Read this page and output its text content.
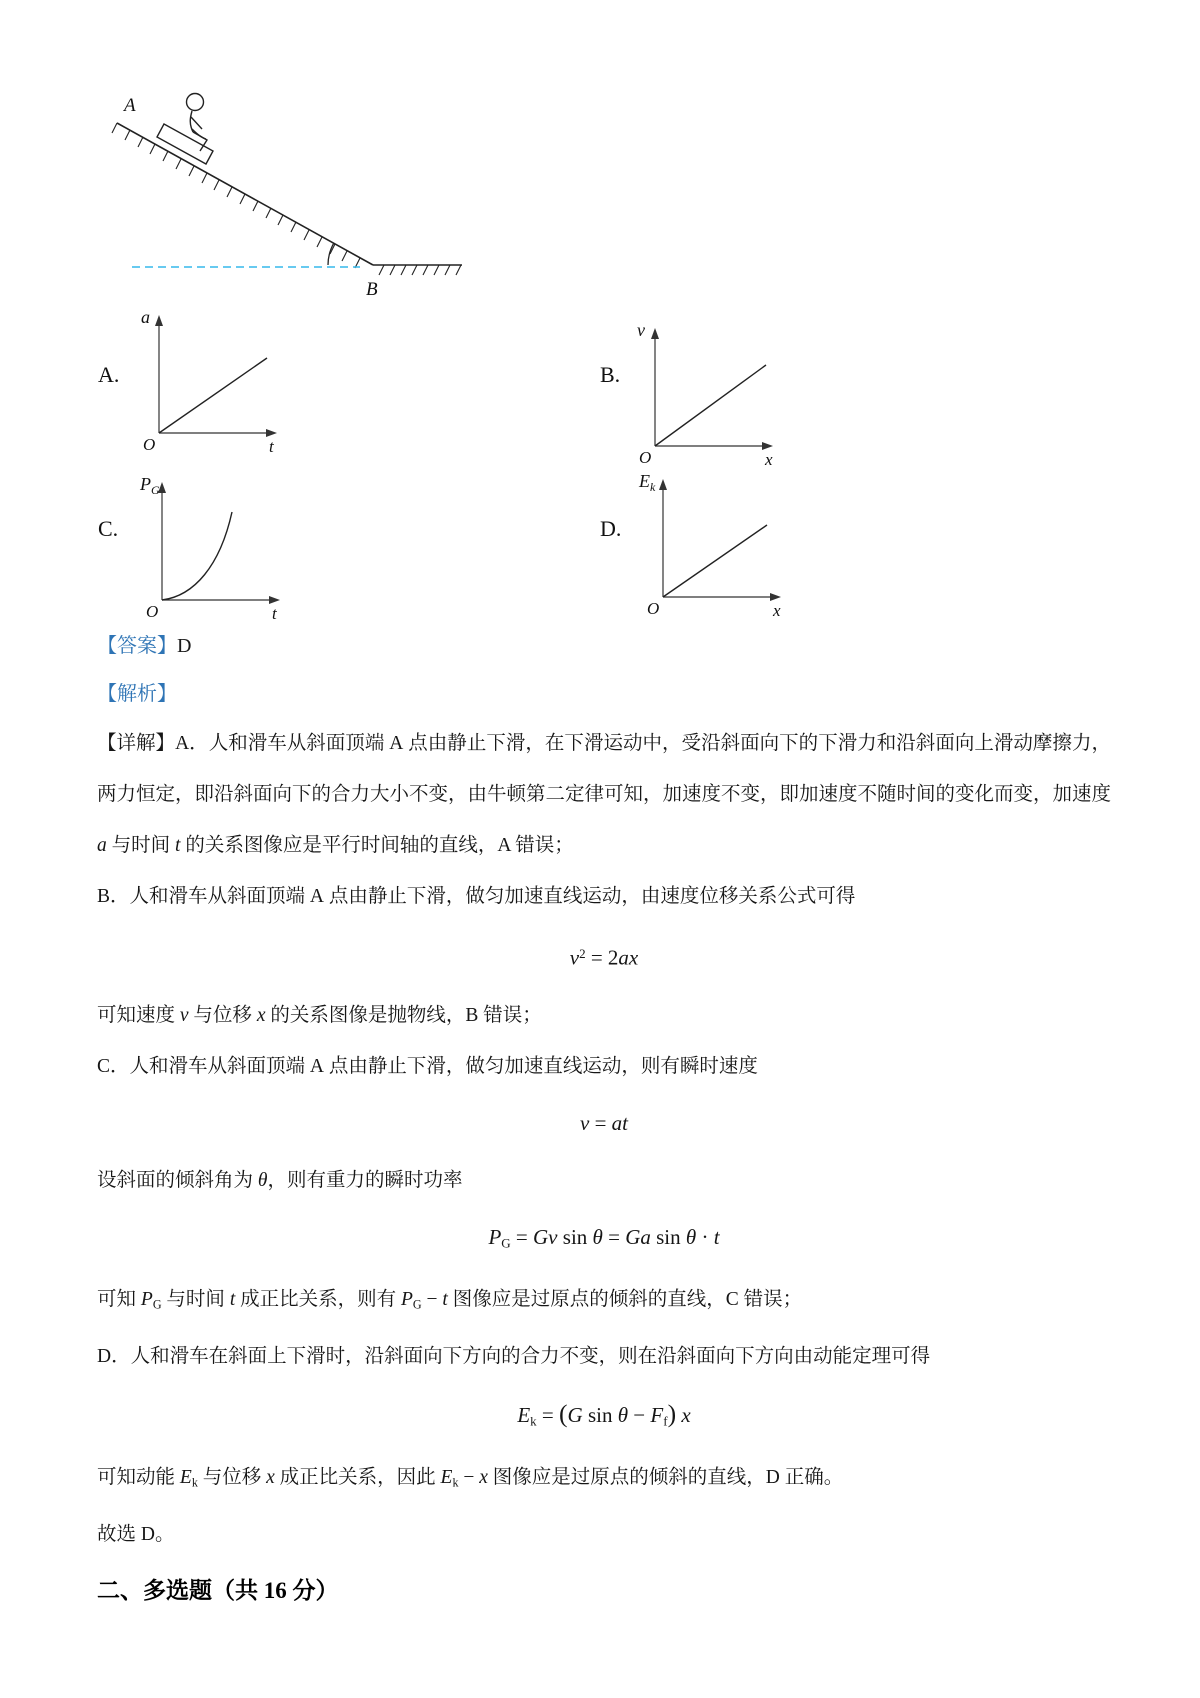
A
B
A.
a
O	t
B.
v
O	x
C.
$P_G$
O	t
D.
$E_k$
O	x
【答案】D
【解析】

【详解】A．人和滑车从斜面顶端 A 点由静止下滑，在下滑运动中，受沿斜面向下的下滑力和沿斜面向上滑动摩擦力，两力恒定，即沿斜面向下的合力大小不变，由牛顿第二定律可知，加速度不变，即加速度不随时间的变化而变，加速度 a 与时间 t 的关系图像应是平行时间轴的直线，A 错误；

B．人和滑车从斜面顶端 A 点由静止下滑，做匀加速直线运动，由速度位移关系公式可得

$v^2 = 2ax$

可知速度 v 与位移 x 的关系图像是抛物线，B 错误；

C．人和滑车从斜面顶端 A 点由静止下滑，做匀加速直线运动，则有瞬时速度

v = at

设斜面的倾斜角为 θ，则有重力的瞬时功率

PG = Gv sin θ = Ga sin θ · t

可知 PG 与时间 t 成正比关系，则有 PG − t 图像应是过原点的倾斜的直线，C 错误；

D．人和滑车在斜面上下滑时，沿斜面向下方向的合力不变，则在沿斜面向下方向由动能定理可得

Ek = (G sin θ − Ff) x

可知动能 Ek 与位移 x 成正比关系，因此 Ek − x 图像应是过原点的倾斜的直线，D 正确。

故选 D。

二、多选题（共 16 分）
